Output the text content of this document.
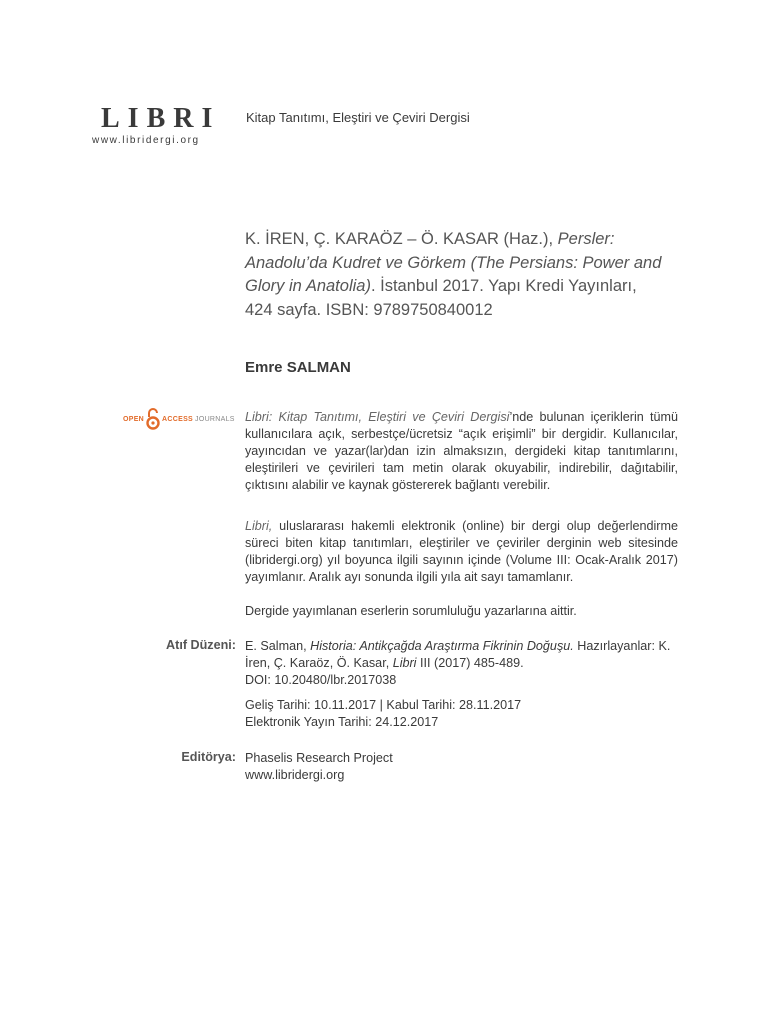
LIBRI
www.libridergi.org
Kitap Tanıtımı, Eleştiri ve Çeviri Dergisi
K. İREN, Ç. KARAÖZ – Ö. KASAR (Haz.), Persler: Anadolu’da Kudret ve Görkem (The Persians: Power and Glory in Anatolia). İstanbul 2017. Yapı Kredi Yayınları, 424 sayfa. ISBN: 9789750840012
Emre SALMAN
OPEN	ACCESS JOURNALS Libri: Kitap Tanıtımı, Eleştiri ve Çeviri Dergisi’nde bulunan içeriklerin tümü kullanıcılara açık, serbestçe/ücretsiz “açık erişimli” bir dergidir. Kullanıcılar, yayıncıdan ve yazar(lar)dan izin almaksızın, dergideki kitap tanıtımlarını, eleştirileri ve çevirileri tam metin olarak okuyabilir, indirebilir, dağıtabilir, çıktısını alabilir ve kaynak göstererek bağlantı verebilir.
Libri, uluslararası hakemli elektronik (online) bir dergi olup değerlendirme süreci biten kitap tanıtımları, eleştiriler ve çeviriler derginin web sitesinde (libridergi.org) yıl boyunca ilgili sayının içinde (Volume III: Ocak-Aralık 2017) yayımlanır. Aralık ayı sonunda ilgili yıla ait sayı tamamlanır.
Dergide yayımlanan eserlerin sorumluluğu yazarlarına aittir.
Atıf Düzeni: E. Salman, Historia: Antikçağda Araştırma Fikrinin Doğuşu. Hazırlayanlar: K. İren, Ç. Karaöz, Ö. Kasar, Libri III (2017) 485-489.
DOI: 10.20480/lbr.2017038
Geliş Tarihi: 10.11.2017 | Kabul Tarihi: 28.11.2017
Elektronik Yayın Tarihi: 24.12.2017
Editörya: Phaselis Research Project
www.libridergi.org
